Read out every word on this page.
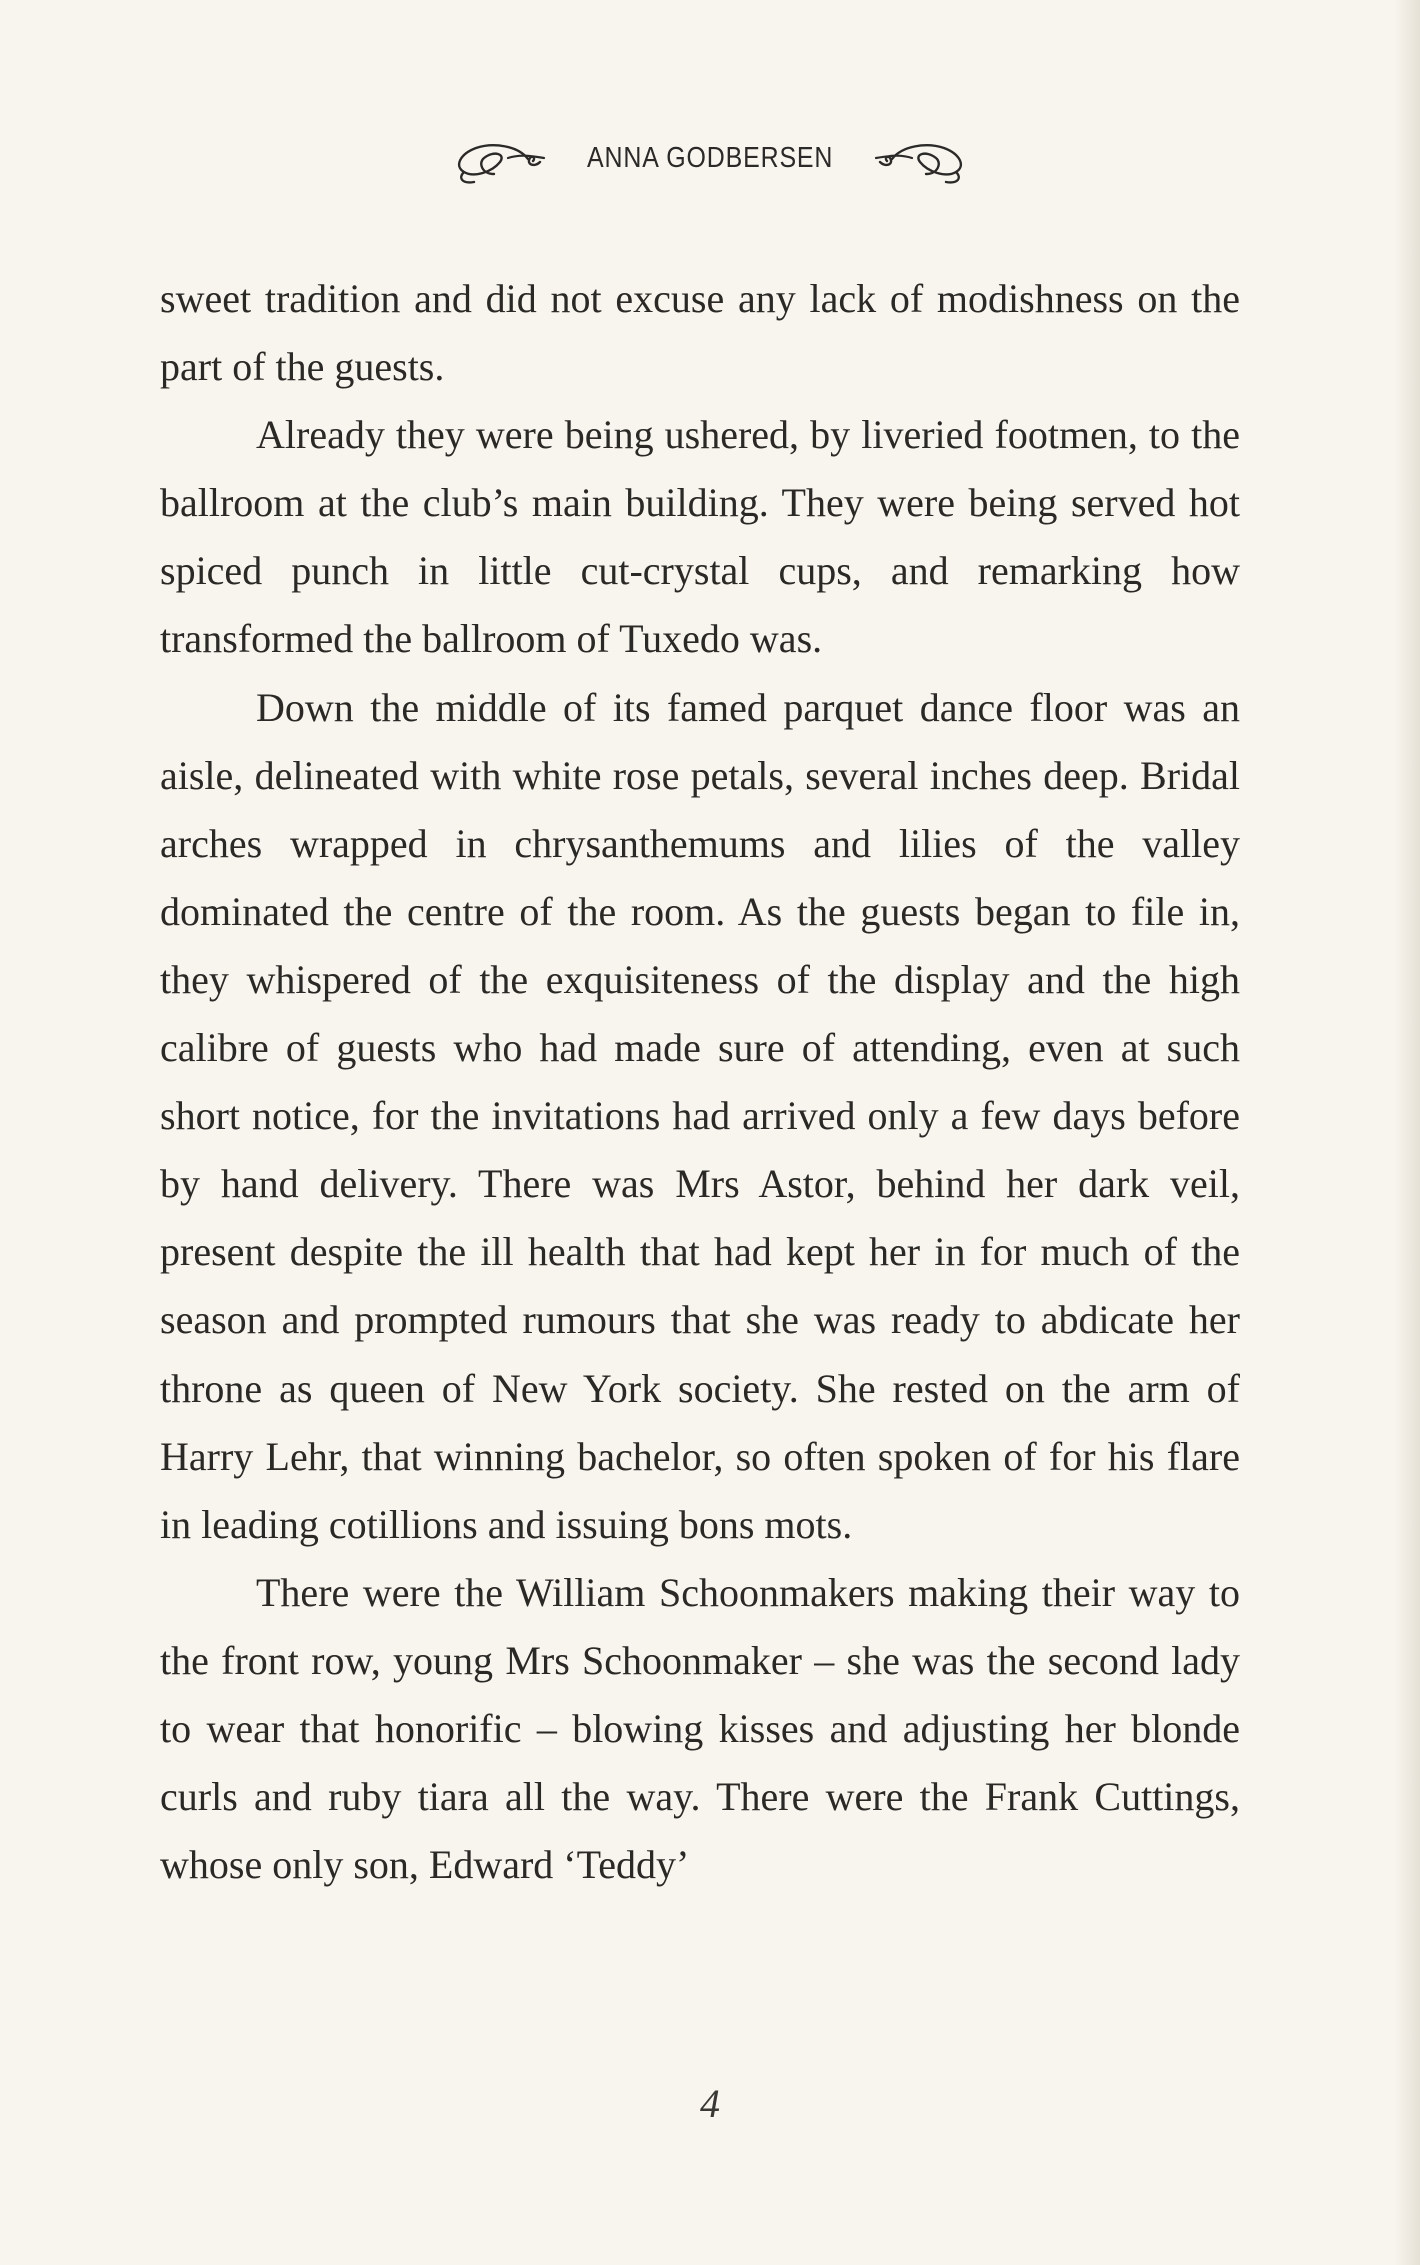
ANNA GODBERSEN

sweet tradition and did not excuse any lack of modishness on the part of the guests.

Already they were being ushered, by liveried footmen, to the ballroom at the club’s main building. They were being served hot spiced punch in little cut-crystal cups, and remarking how transformed the ballroom of Tuxedo was.

Down the middle of its famed parquet dance floor was an aisle, delineated with white rose petals, several inches deep. Bridal arches wrapped in chrysanthemums and lilies of the valley dominated the centre of the room. As the guests began to file in, they whispered of the exquisiteness of the display and the high calibre of guests who had made sure of attending, even at such short notice, for the invitations had arrived only a few days before by hand delivery. There was Mrs Astor, behind her dark veil, present despite the ill health that had kept her in for much of the season and prompted rumours that she was ready to abdicate her throne as queen of New York society. She rested on the arm of Harry Lehr, that winning bachelor, so often spoken of for his flare in leading cotillions and issuing bons mots.

There were the William Schoonmakers making their way to the front row, young Mrs Schoonmaker – she was the second lady to wear that honorific – blowing kisses and adjusting her blonde curls and ruby tiara all the way. There were the Frank Cuttings, whose only son, Edward ‘Teddy’

4
